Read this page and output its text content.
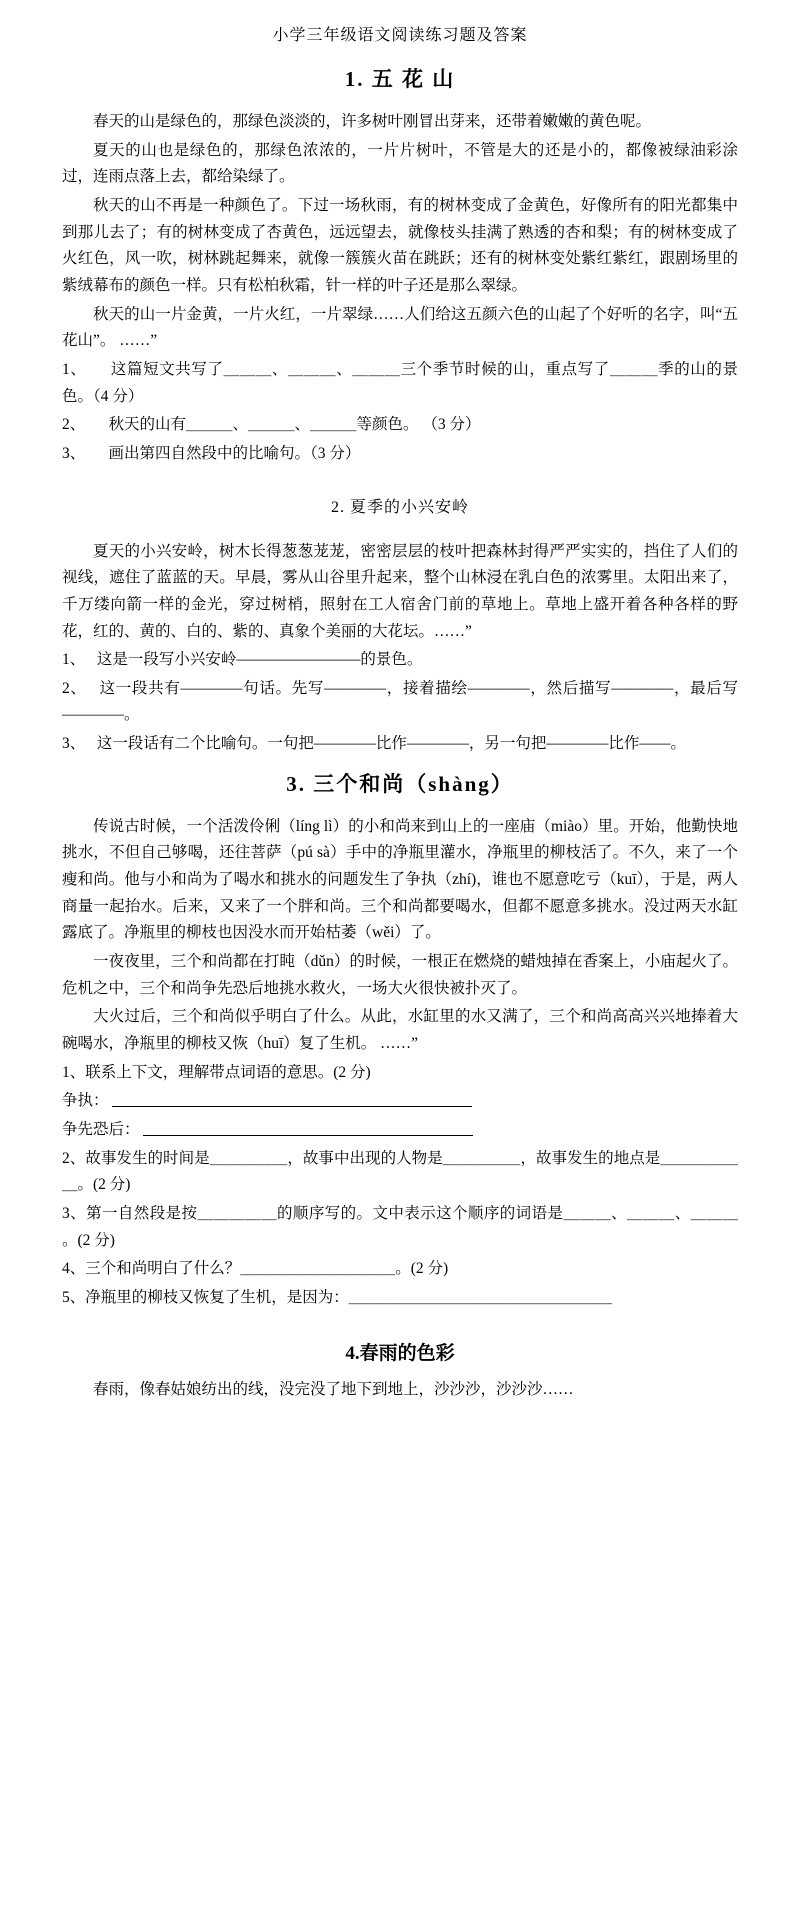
小学三年级语文阅读练习题及答案
1. 五 花 山

春天的山是绿色的，那绿色淡淡的，许多树叶刚冒出芽来，还带着嫩嫩的黄色呢。

夏天的山也是绿色的，那绿色浓浓的，一片片树叶，不管是大的还是小的，都像被绿油彩涂过，连雨点落上去，都给染绿了。

秋天的山不再是一种颜色了。下过一场秋雨，有的树林变成了金黄色，好像所有的阳光都集中到那儿去了；有的树林变成了杏黄色，远远望去，就像枝头挂满了熟透的杏和梨；有的树林变成了火红色，风一吹，树林跳起舞来，就像一簇簇火苗在跳跃；还有的树林变处紫红紫红，跟剧场里的紫绒幕布的颜色一样。只有松柏秋霜，针一样的叶子还是那么翠绿。

秋天的山一片金黄，一片火红，一片翠绿……人们给这五颜六色的山起了个好听的名字，叫“五花山”。 ……”

1、　　这篇短文共写了＿＿＿、＿＿＿、＿＿＿三个季节时候的山，重点写了＿＿＿季的山的景色。（4 分）

2、　　秋天的山有＿＿＿、＿＿＿、＿＿＿等颜色。 （3 分）

3、　　画出第四自然段中的比喻句。（3 分）

2. 夏季的小兴安岭

夏天的小兴安岭，树木长得葱葱茏茏，密密层层的枝叶把森林封得严严实实的，挡住了人们的视线，遮住了蓝蓝的天。早晨，雾从山谷里升起来，整个山林浸在乳白色的浓雾里。太阳出来了，千万缕向箭一样的金光，穿过树梢，照射在工人宿舍门前的草地上。草地上盛开着各种各样的野花，红的、黄的、白的、紫的、真象个美丽的大花坛。……”

1、　 这是一段写小兴安岭————————的景色。

2、　 这一段共有————句话。先写————，接着描绘————，然后描写————，最后写————。

3、　 这一段话有二个比喻句。一句把————比作————，另一句把————比作——。

3. 三个和尚（shàng）

传说古时候，一个活泼伶俐（líng lì）的小和尚来到山上的一座庙（miào）里。开始，他勤快地挑水，不但自己够喝，还往菩萨（pú sà）手中的净瓶里灌水，净瓶里的柳枝活了。不久，来了一个瘦和尚。他与小和尚为了喝水和挑水的问题发生了争执（zhí)，谁也不愿意吃亏（kuī），于是，两人商量一起抬水。后来，又来了一个胖和尚。三个和尚都要喝水，但都不愿意多挑水。没过两天水缸露底了。净瓶里的柳枝也因没水而开始枯萎（wěi）了。

一夜夜里，三个和尚都在打盹（dǔn）的时候，一根正在燃烧的蜡烛掉在香案上，小庙起火了。危机之中，三个和尚争先恐后地挑水救火，一场大火很快被扑灭了。

大火过后，三个和尚似乎明白了什么。从此，水缸里的水又满了，三个和尚高高兴兴地捧着大碗喝水，净瓶里的柳枝又恢（huī）复了生机。 ……”

1、联系上下文，理解带点词语的意思。(2 分)

争执：

争先恐后：

2、故事发生的时间是＿＿＿＿＿，故事中出现的人物是＿＿＿＿＿，故事发生的地点是＿＿＿＿＿＿。(2 分)

3、第一自然段是按＿＿＿＿＿的顺序写的。文中表示这个顺序的词语是＿＿＿、＿＿＿、＿＿＿ 。(2 分)

4、三个和尚明白了什么？＿＿＿＿＿＿＿＿＿＿。(2 分)

5、净瓶里的柳枝又恢复了生机，是因为：＿＿＿＿＿＿＿＿＿＿＿＿＿＿＿＿＿

4.春雨的色彩

春雨，像春姑娘纺出的线，没完没了地下到地上，沙沙沙，沙沙沙……
